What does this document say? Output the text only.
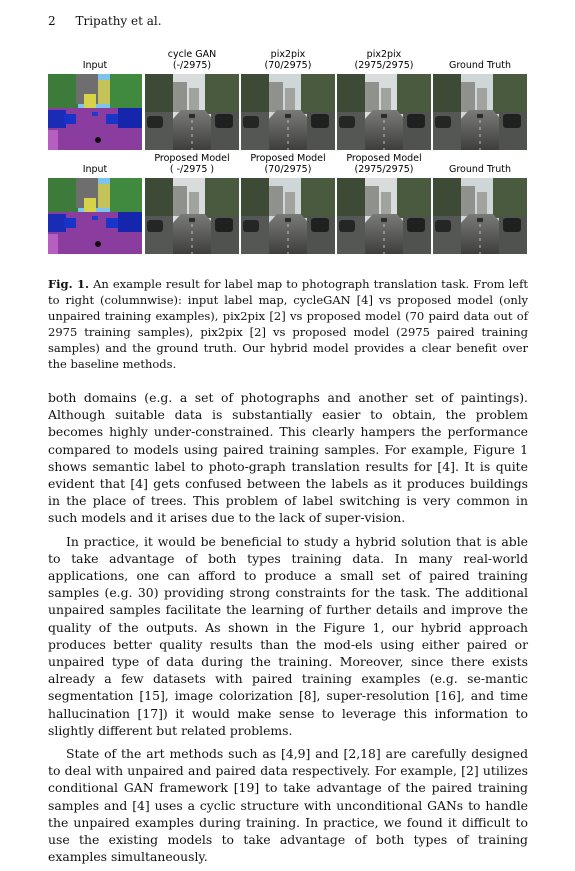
2 Tripathy et al.
Input
cycle GAN
(-/2975)
pix2pix
(70/2975)
pix2pix
(2975/2975)	Ground Truth
Input
Proposed Model
( -/2975 )
Proposed Model
(70/2975)
Proposed Model
(2975/2975)	Ground Truth
Fig. 1. An example result for label map to photograph translation task. From left to right (columnwise): input label map, cycleGAN [4] vs proposed model (only unpaired training examples), pix2pix [2] vs proposed model (70 paird data out of 2975 training samples), pix2pix [2] vs proposed model (2975 paired training samples) and the ground truth. Our hybrid model provides a clear benefit over the baseline methods.

both domains (e.g. a set of photographs and another set of paintings). Although suitable data is substantially easier to obtain, the problem becomes highly under-constrained. This clearly hampers the performance compared to models using paired training samples. For example, Figure 1 shows semantic label to photo-graph translation results for [4]. It is quite evident that [4] gets confused between the labels as it produces buildings in the place of trees. This problem of label switching is very common in such models and it arises due to the lack of super-vision.

In practice, it would be beneficial to study a hybrid solution that is able to take advantage of both types training data. In many real-world applications, one can afford to produce a small set of paired training samples (e.g. 30) providing strong constraints for the task. The additional unpaired samples facilitate the learning of further details and improve the quality of the outputs. As shown in the Figure 1, our hybrid approach produces better quality results than the mod-els using either paired or unpaired type of data during the training. Moreover, since there exists already a few datasets with paired training examples (e.g. se-mantic segmentation [15], image colorization [8], super-resolution [16], and time hallucination [17]) it would make sense to leverage this information to slightly different but related problems.

State of the art methods such as [4,9] and [2,18] are carefully designed to deal with unpaired and paired data respectively. For example, [2] utilizes conditional GAN framework [19] to take advantage of the paired training samples and [4] uses a cyclic structure with unconditional GANs to handle the unpaired examples during training. In practice, we found it difficult to use the existing models to take advantage of both types of training examples simultaneously.
